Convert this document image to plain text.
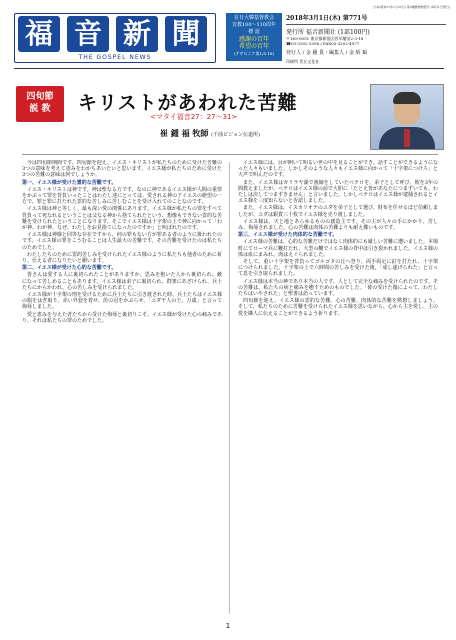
日本(昭和27年1月25日) 第3種郵便物認可 (毎月1日発行)
福 音 新 聞
THE GOSPEL NEWS
在日大韓基督教会
宣教100〜110周年
標 語
感謝の百年
希望の百年
(テサロニケ第1/5:18)
2018年3月1日(木) 第771号
発行所 福音新聞社 (1部100円)
〒169-0051 東京都新宿区西早稲田2-3-18
☎03-3202-5398 / FAX03-3202-4977
発行人 / 金 鍾 貴・編集人 / 金 炳 鎬
印刷所 青丘文化社
四旬節
説 教	キリストがあわれた苦難
<マタイ福音27：27〜31>
崔 鍾 福 牧師 (千曲ビジョン伝道所)

今は四旬節期間です。四旬節を迎え、イエス・キリストが私たちのために受けた苦難の3つの意味を考えて恵みをわかちあいたいと思います。イエス様が私たちのために受けた3つの苦難の意味は何でしょうか。

第一、イエス様が受けた霊的な苦難です。

イエス・キリストは神です。神は聖なる方です。なのに神であるイエス様が人間の重罪をかぶって罪を背負いったことはわたし達にとっては、愛される神の子イエスの絶望の一方で、罪と罪に打たれた霊的な苦しみに苦しむことを受け入れてのことなのです。

イエス様は神と等しく、最も深い愛の関係にあります。イエス様が私たちの罪をすべて背負って死なれるということは父なる神から捨てられたという、想像もできない霊的な苦難を受けられたということになります。そこでイエス様は十字架の上で神に向かって「わが神、わが神、なぜ、わたしをお見捨てになったのですか」と叫ばれたのです。

イエス様は神様と同等な存在ですから、何の罪もない方が罪ある者のように扱われたのです。イエス様の罪をこうむることは人生最大の苦難です。その苦難を受けたのは私たちのためでした。

わたしたちのために霊的苦しみを受けられたイエス様のように私たちも他者のために祈り、仕える者になりたいと願います。

第二、イエス様が受けた心的な苦難です。

皆さんは愛する人に裏切られたことがありますか。思みを抱いた人から裏切られ、敵になって苦しめることもあります。イエス様は弟子に裏切られ、群衆にあざけられ、兵士たちにからかわれ、心の苦しみを受けられました。

イエス様が十字架の刑を受けるために兵士たちに引き渡された時、兵士たちはイエス様の服をはぎ取り、赤い外套を着せ、茨の冠をかぶらせ、「ユダヤ人の王、万歳」と言って侮辱しました。

愛と恵みを与えた者たちから受けた侮辱と裏切りこそ、イエス様が受けた心の痛みであり、それは私たちの罪のためでした。

イエス様には、目が開いて明るい世の中を見ることができ、話すことができるようになった人々もいました。しかしそのような人々もイエス様に向かって「十字架につけろ」と大声で叫んだのです。

また、イエス様はガリラヤ湖で漁師をしていたペテロを、弟子として呼び、彼を3年の間教えましたが、ペテロはイエス様の前で大胆に「たとえ皆があなたにつまずいても、わたしは決してつまずきません」と言いました。しかしペテロはイエス様が逮捕されるとイエス様を三度知らないと否認しました。

また、イエス様は、イスカリオテのユダを弟子として選び、財布を任せるほど信頼しましたが、ユダは銀貨三十枚でイエス様を売り渡しました。

イエス様は、天と地とあらゆるものの創造主です。その主が人々の手にかかり、苦しみ、侮辱されました。心の苦難は肉体の苦難よりも耐え難いものです。

第三、イエス様が受けた肉体的な苦難です。

イエス様の苦難は、心的な苦難だけではなく肉体的にも厳しい苦難に遭いました。本場町にてローマ兵に鞭打たれ、大型の鞭でイエス様の背中は引き裂かれました。イエス様の体は血にまみれ、肉はえぐられました。

そして、重い十字架を背負ってゴルゴタの丘へ登り、両手両足に釘を打たれ、十字架につけられました。十字架の上で六時間の苦しみを受けた後、「成し遂げられた」と言って息を引き取られました。

イエス様は本当の神であり本当の人です。人として完全な痛みを受けられたのです。その苦難は、私たちの病と痛みを癒すためのものでした。「彼の受けた傷によって、わたしたちはいやされた」と聖書は語っています。

四旬節を迎え、イエス様の霊的な苦難、心の苦難、肉体的な苦難を黙想しましょう。そして、私たちのために苦難を受けられたイエス様を思いながら、心から主を愛し、主の愛を隣人に伝えることができるよう祈ります。

1
